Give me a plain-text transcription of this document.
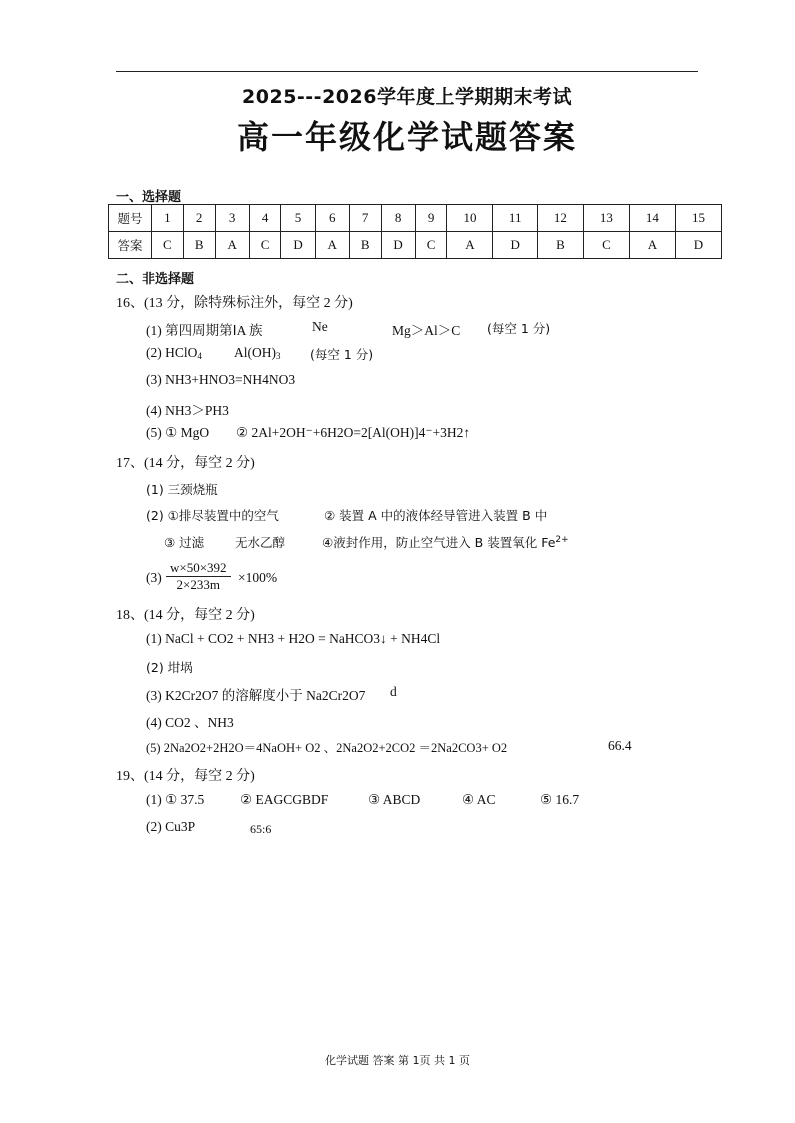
2025---2026学年度上学期期末考试
高一年级化学试题答案
一、选择题
题号	1	2	3	4	5	6	7	8	9	10	11	12	13	14	15
答案	C	B	A	C	D	A	B	D	C	A	D	B	C	A	D
二、非选择题
16、(13 分，除特殊标注外，每空 2 分)
(1) 第四周期第ⅠA 族	Ne	Mg＞Al＞C (每空 1 分)
(2) HClO$_4$ $Al(OH)_3$ (每空 1 分)
(3) NH3+HNO3=NH4NO3
(4) NH3＞PH3
(5) ① MgO ② 2Al+2OH⁻+6H2O=2[Al(OH)]4⁻+3H2↑
17、(14 分，每空 2 分)
(1) 三颈烧瓶
(2) ①排尽装置中的空气	② 装置 A 中的液体经导管进入装置 B 中
③ 过滤 无水乙醇	④液封作用，防止空气进入 B 装置氧化 $Fe^{2+}$
$(3) \frac{w\times 50\times 392}{2\times 233m} \times 100\%$
18、(14 分，每空 2 分)
(1) NaCl + CO2 + NH3 + H2O = NaHCO3↓ + NH4Cl
(2) 坩埚
(3) K2Cr2O7 的溶解度小于 Na2Cr2O7 d
(4) CO2 、NH3
(5) 2Na2O2+2H2O＝4NaOH+ O2 、2Na2O2+2CO2 ＝2Na2CO3+ O2	66.4
19、(14 分，每空 2 分)
(1) ① 37.5	② EAGCGBDF	③ ABCD	④ AC	⑤ 16.7
(2) Cu3P	65:6
化学试题 答案 第 1页 共 1 页
